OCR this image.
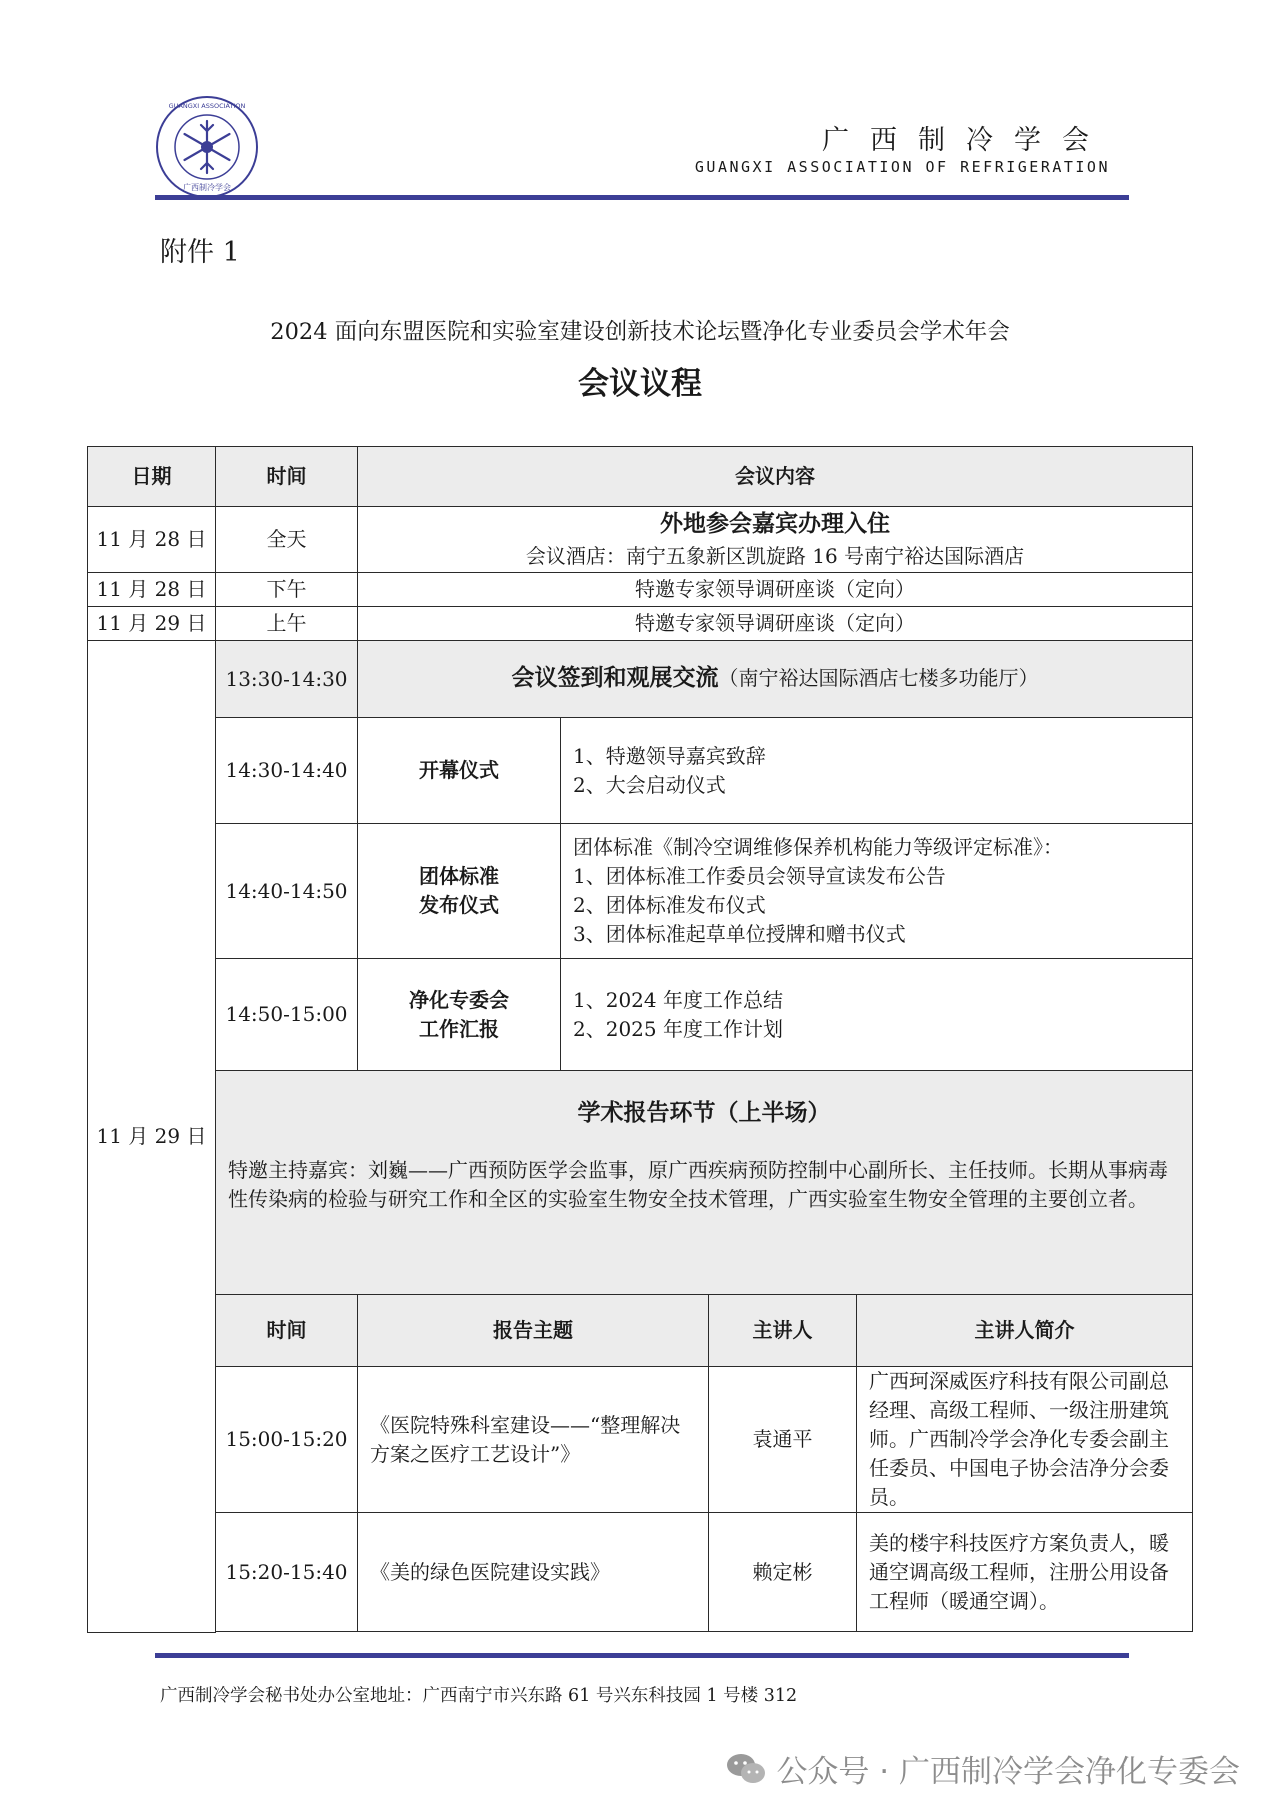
GUANGXI ASSOCIATION
广西制冷学会
广西制冷学会
GUANGXI ASSOCIATION OF REFRIGERATION
附件 1
2024 面向东盟医院和实验室建设创新技术论坛暨净化专业委员会学术年会
会议议程
日期	时间	会议内容			
11 月 28 日	全天	外地参会嘉宾办理入住
会议酒店：南宁五象新区凯旋路 16 号南宁裕达国际酒店			

11 月 28 日	下午	特邀专家领导调研座谈（定向）			
11 月 29 日	上午	特邀专家领导调研座谈（定向）			
11 月 29 日	13:30-14:30	会议签到和观展交流（南宁裕达国际酒店七楼多功能厅）			
	14:30-14:40	开幕仪式	1、特邀领导嘉宾致辞
2、大会启动仪式		

	14:40-14:50	团体标准
发布仪式	团体标准《制冷空调维修保养机构能力等级评定标准》：
1、团体标准工作委员会领导宣读发布公告
2、团体标准发布仪式
3、团体标准起草单位授牌和赠书仪式		

	14:50-15:00	净化专委会
工作汇报	1、2024 年度工作总结
2、2025 年度工作计划		

	学术报告环节（上半场）
特邀主持嘉宾：刘巍——广西预防医学会监事，原广西疾病预防控制中心副所长、主任技师。长期从事病毒性传染病的检验与研究工作和全区的实验室生物安全技术管理，广西实验室生物安全管理的主要创立者。				

	时间	报告主题		主讲人	主讲人简介
	15:00-15:20	《医院特殊科室建设——“整理解决方案之医疗工艺设计”》		袁通平	广西珂深威医疗科技有限公司副总经理、高级工程师、一级注册建筑师。广西制冷学会净化专委会副主任委员、中国电子协会洁净分会委员。
	15:20-15:40	《美的绿色医院建设实践》		赖定彬	美的楼宇科技医疗方案负责人，暖通空调高级工程师，注册公用设备工程师（暖通空调）。

广西制冷学会秘书处办公室地址：广西南宁市兴东路 61 号兴东科技园 1 号楼 312
公众号 · 广西制冷学会净化专委会
